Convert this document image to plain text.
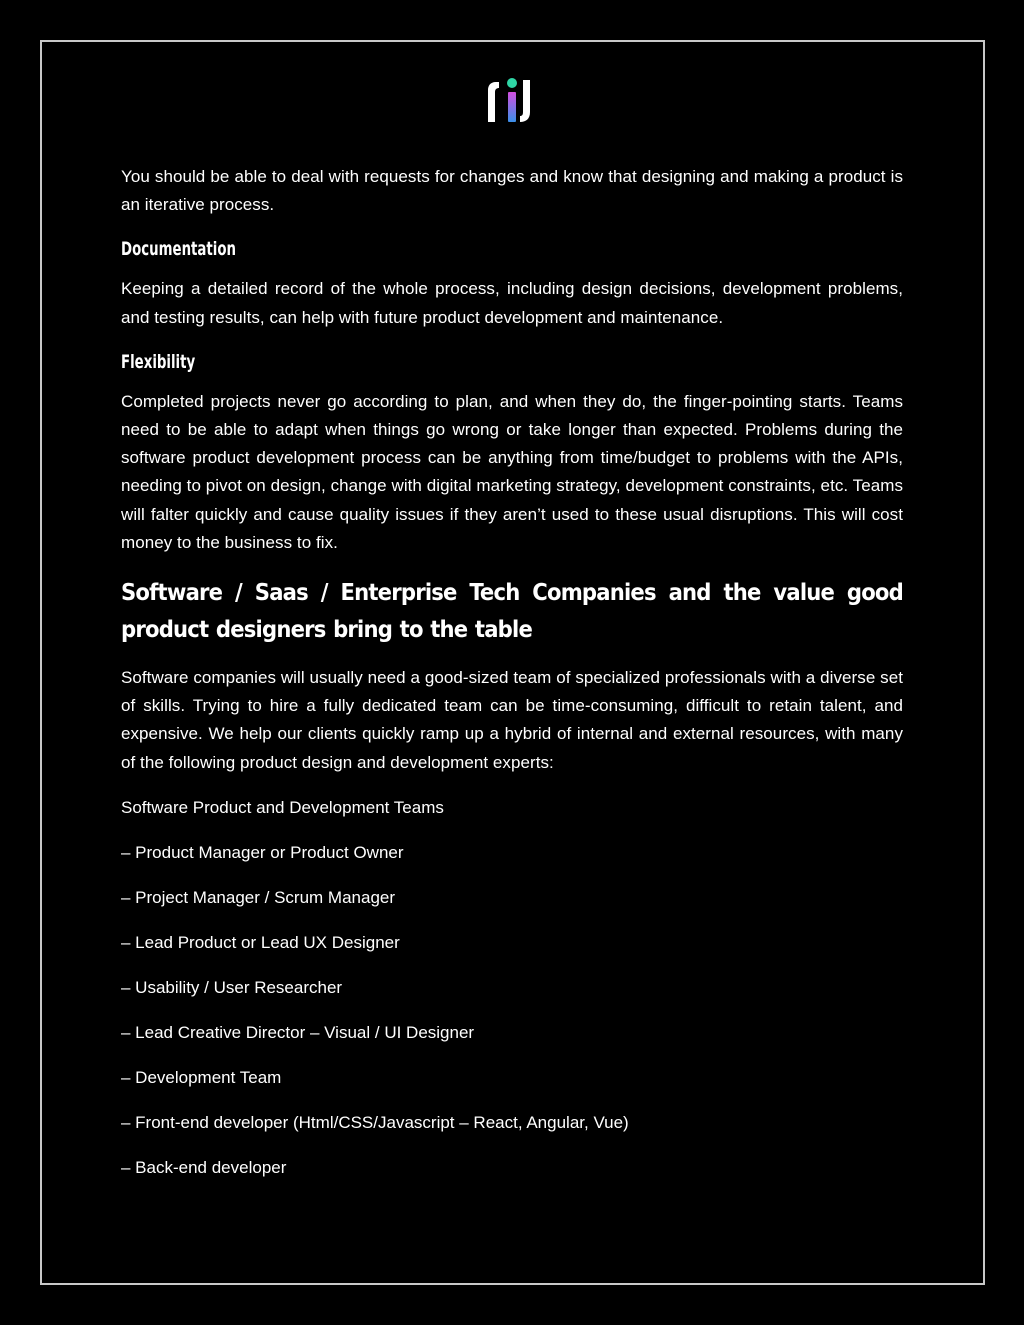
You should be able to deal with requests for changes and know that designing and making a product is an iterative process.

Documentation

Keeping a detailed record of the whole process, including design decisions, development problems, and testing results, can help with future product development and maintenance.

Flexibility

Completed projects never go according to plan, and when they do, the finger-pointing starts. Teams need to be able to adapt when things go wrong or take longer than expected. Problems during the software product development process can be anything from time/budget to problems with the APIs, needing to pivot on design, change with digital marketing strategy, development constraints, etc. Teams will falter quickly and cause quality issues if they aren’t used to these usual disruptions. This will cost money to the business to fix.

Software / Saas / Enterprise Tech Companies and the value good product designers bring to the table

Software companies will usually need a good-sized team of specialized professionals with a diverse set of skills. Trying to hire a fully dedicated team can be time-consuming, difficult to retain talent, and expensive. We help our clients quickly ramp up a hybrid of internal and external resources, with many of the following product design and development experts:

Software Product and Development Teams

– Product Manager or Product Owner

– Project Manager / Scrum Manager

– Lead Product or Lead UX Designer

– Usability / User Researcher

– Lead Creative Director – Visual / UI Designer

– Development Team

– Front-end developer (Html/CSS/Javascript – React, Angular, Vue)

– Back-end developer
